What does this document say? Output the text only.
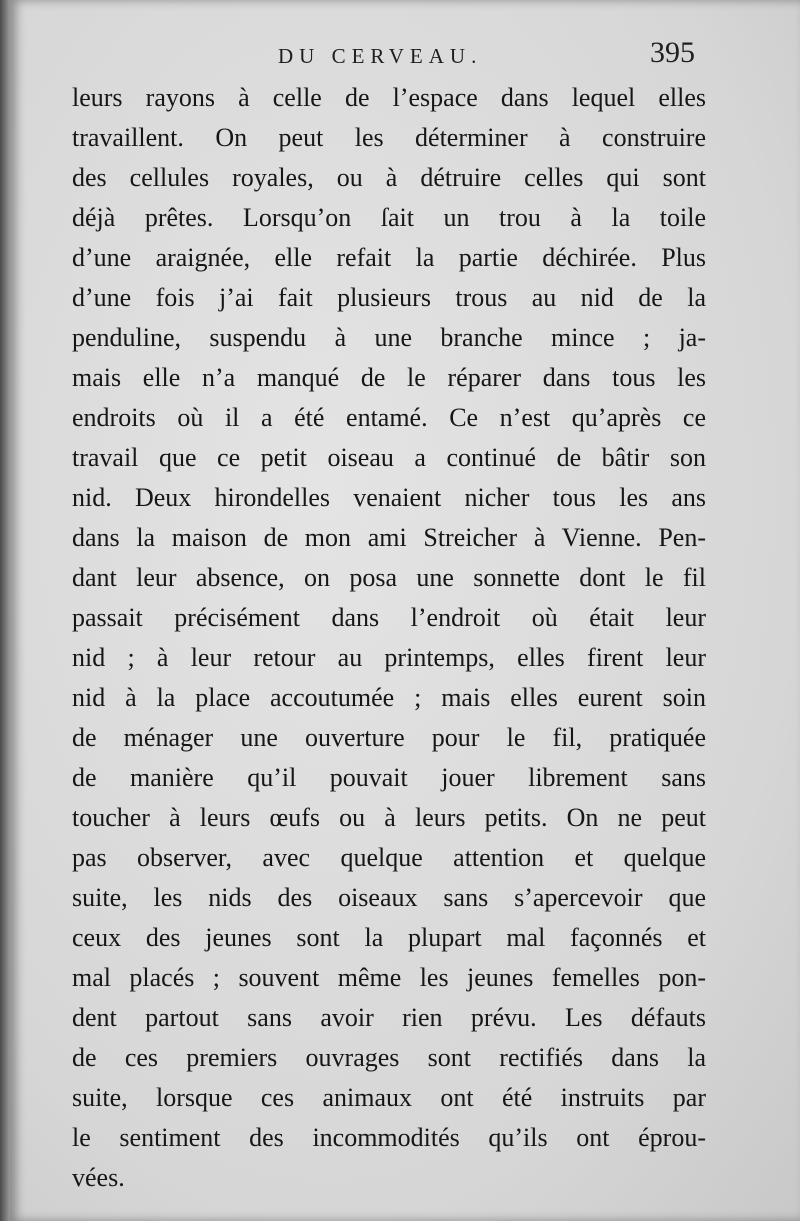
DU CERVEAU.	395
leurs rayons à celle de l’espace dans lequel elles
travaillent. On peut les déterminer à construire
des cellules royales, ou à détruire celles qui sont
déjà prêtes. Lorsqu’on ſait un trou à la toile
d’une araignée, elle refait la partie déchirée. Plus
d’une fois j’ai fait plusieurs trous au nid de la
penduline, suspendu à une branche mince ; ja-
mais elle n’a manqué de le réparer dans tous les
endroits où il a été entamé. Ce n’est qu’après ce
travail que ce petit oiseau a continué de bâtir son
nid. Deux hirondelles venaient nicher tous les ans
dans la maison de mon ami Streicher à Vienne. Pen-
dant leur absence, on posa une sonnette dont le fil
passait précisément dans l’endroit où était leur
nid ; à leur retour au printemps, elles firent leur
nid à la place accoutumée ; mais elles eurent soin
de ménager une ouverture pour le fil, pratiquée
de manière qu’il pouvait jouer librement sans
toucher à leurs œufs ou à leurs petits. On ne peut
pas observer, avec quelque attention et quelque
suite, les nids des oiseaux sans s’apercevoir que
ceux des jeunes sont la plupart mal façonnés et
mal placés ; souvent même les jeunes femelles pon-
dent partout sans avoir rien prévu. Les défauts
de ces premiers ouvrages sont rectifiés dans la
suite, lorsque ces animaux ont été instruits par
le sentiment des incommodités qu’ils ont éprou-
vées.
